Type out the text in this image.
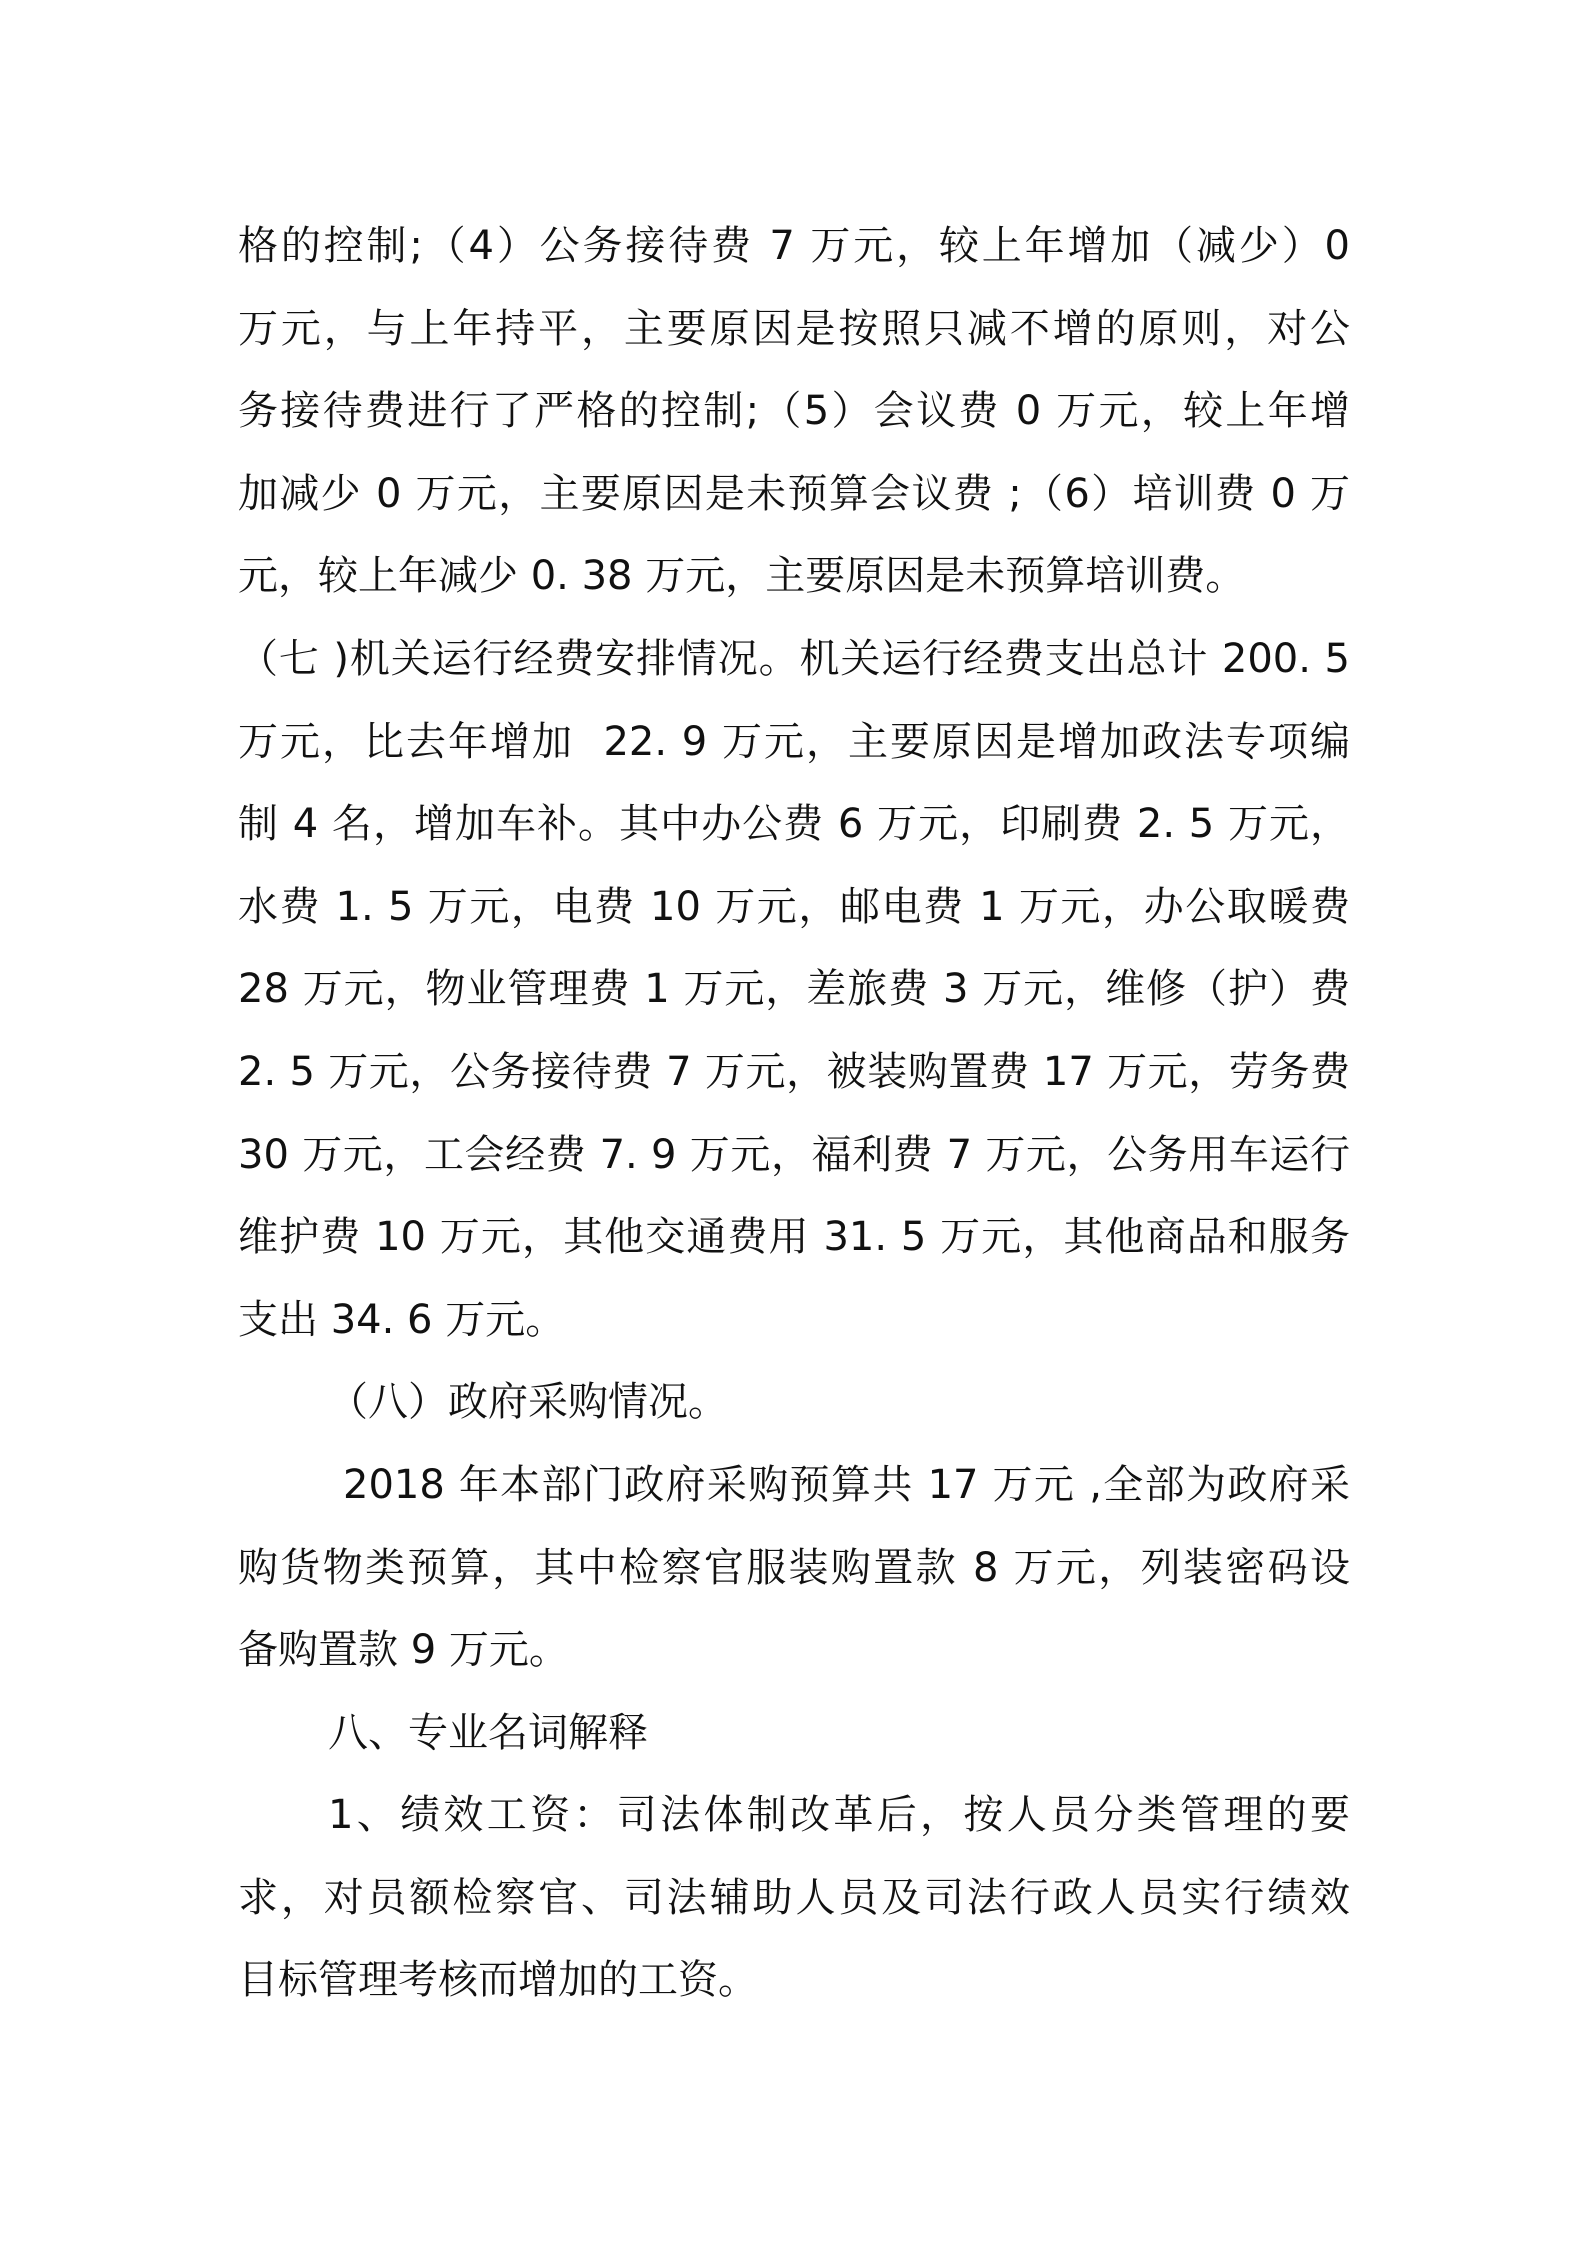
格的控制;（4）公务接待费 7 万元，较上年增加（减少）0
万元，与上年持平，主要原因是按照只减不增的原则，对公
务接待费进行了严格的控制;（5）会议费 0 万元，较上年增
加减少 0 万元，主要原因是未预算会议费 ;（6）培训费 0 万
元，较上年减少 0. 38 万元，主要原因是未预算培训费。
（七 )机关运行经费安排情况。机关运行经费支出总计 200. 5
万元，比去年增加  22. 9 万元，主要原因是增加政法专项编
制 4 名，增加车补。其中办公费 6 万元，印刷费 2. 5 万元，
水费 1. 5 万元，电费 10 万元，邮电费 1 万元，办公取暖费
28 万元，物业管理费 1 万元，差旅费 3 万元，维修（护）费
2. 5 万元，公务接待费 7 万元，被装购置费 17 万元，劳务费
30 万元，工会经费 7. 9 万元，福利费 7 万元，公务用车运行
维护费 10 万元，其他交通费用 31. 5 万元，其他商品和服务
支出 34. 6 万元。
（八）政府采购情况。
2018 年本部门政府采购预算共 17 万元 ,全部为政府采
购货物类预算，其中检察官服装购置款 8 万元，列装密码设
备购置款 9 万元。
八、专业名词解释
1、绩效工资：司法体制改革后，按人员分类管理的要
求，对员额检察官、司法辅助人员及司法行政人员实行绩效
目标管理考核而增加的工资。
